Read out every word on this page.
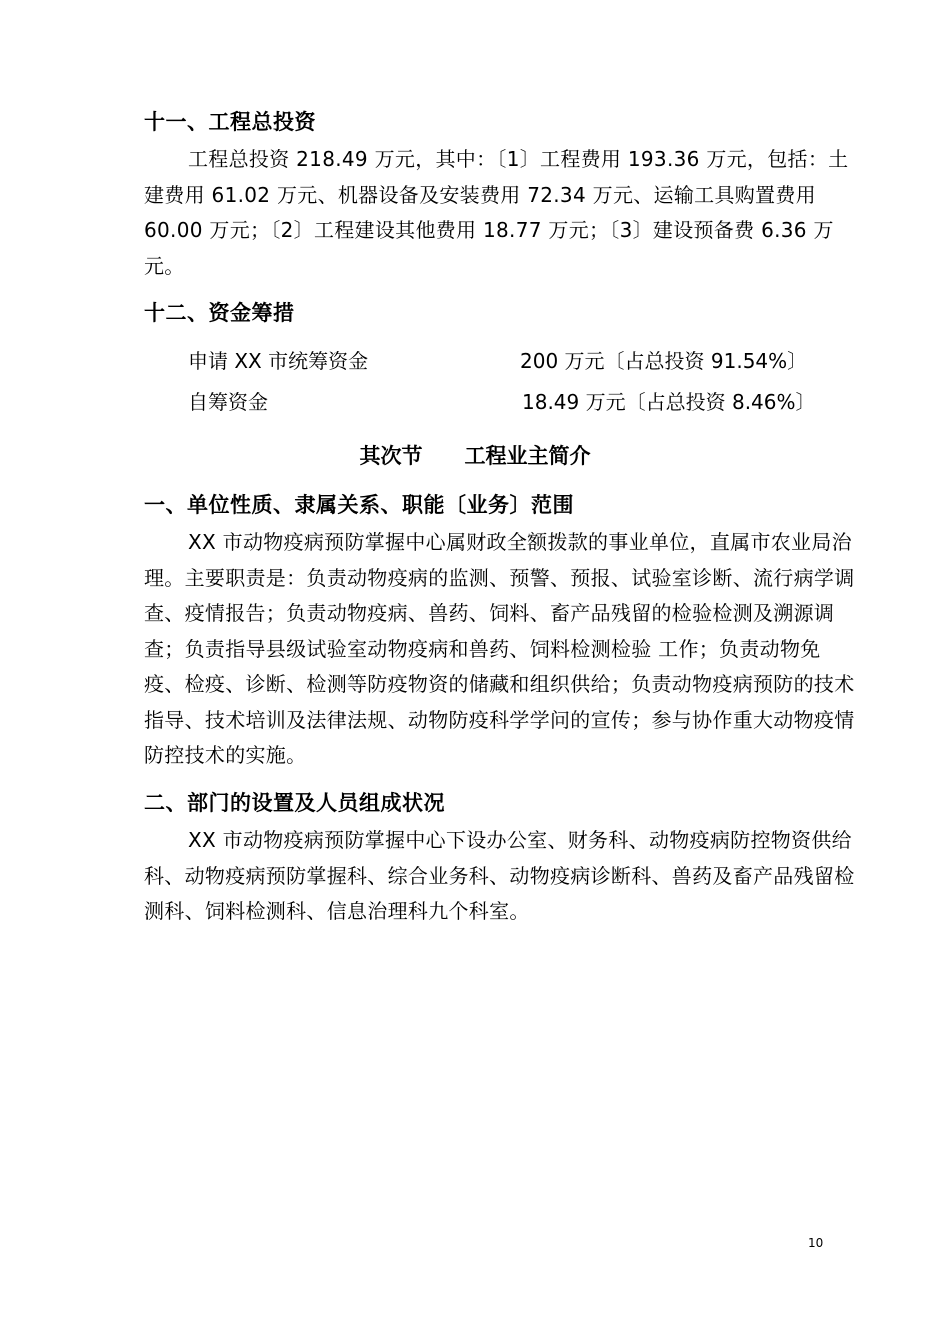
十一、工程总投资

工程总投资 218.49 万元，其中：〔1〕工程费用 193.36 万元，包括：土建费用 61.02 万元、机器设备及安装费用 72.34 万元、运输工具购置费用 60.00 万元；〔2〕工程建设其他费用 18.77 万元；〔3〕建设预备费 6.36 万元。

十二、资金筹措
申请 XX 市统筹资金	200 万元〔占总投资 91.54%〕
自筹资金	18.49 万元〔占总投资 8.46%〕
其次节　　工程业主简介
一、单位性质、隶属关系、职能〔业务〕范围

XX 市动物疫病预防掌握中心属财政全额拨款的事业单位，直属市农业局治理。主要职责是：负责动物疫病的监测、预警、预报、试验室诊断、流行病学调查、疫情报告；负责动物疫病、兽药、饲料、畜产品残留的检验检测及溯源调查；负责指导县级试验室动物疫病和兽药、饲料检测检验 工作；负责动物免疫、检疫、诊断、检测等防疫物资的储藏和组织供给；负责动物疫病预防的技术指导、技术培训及法律法规、动物防疫科学学问的宣传；参与协作重大动物疫情防控技术的实施。

二、部门的设置及人员组成状况

XX 市动物疫病预防掌握中心下设办公室、财务科、动物疫病防控物资供给科、动物疫病预防掌握科、综合业务科、动物疫病诊断科、兽药及畜产品残留检测科、饲料检测科、信息治理科九个科室。

10
